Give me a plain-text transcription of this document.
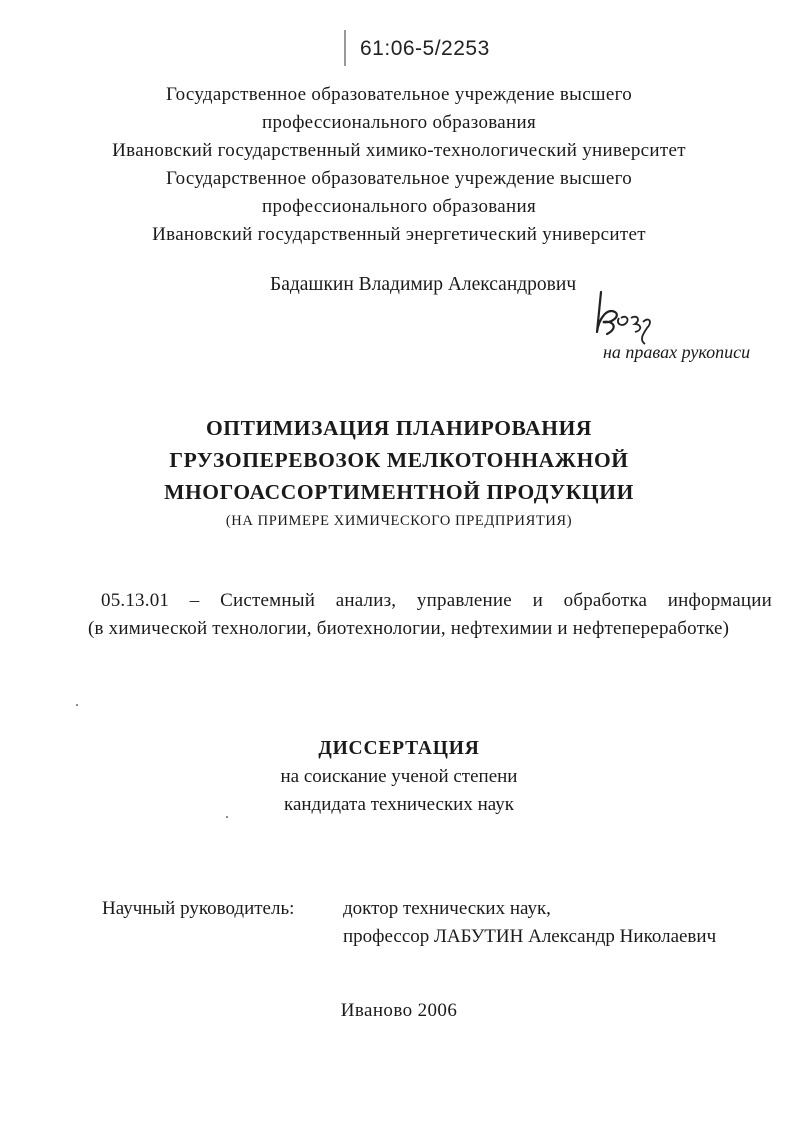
61:06-5/2253
Государственное образовательное учреждение высшего
профессионального образования
Ивановский государственный химико-технологический университет
Государственное образовательное учреждение высшего
профессионального образования
Ивановский государственный энергетический университет
Бадашкин Владимир Александрович
на правах рукописи
ОПТИМИЗАЦИЯ ПЛАНИРОВАНИЯ
ГРУЗОПЕРЕВОЗОК МЕЛКОТОННАЖНОЙ
МНОГОАССОРТИМЕНТНОЙ ПРОДУКЦИИ
(НА ПРИМЕРЕ ХИМИЧЕСКОГО ПРЕДПРИЯТИЯ)
05.13.01 – Системный анализ, управление и обработка информации
(в химической технологии, биотехнологии, нефтехимии и нефтепереработке)
ДИССЕРТАЦИЯ
на соискание ученой степени
кандидата технических наук
Научный руководитель:	доктор технических наук,
профессор ЛАБУТИН Александр Николаевич
Иваново 2006
